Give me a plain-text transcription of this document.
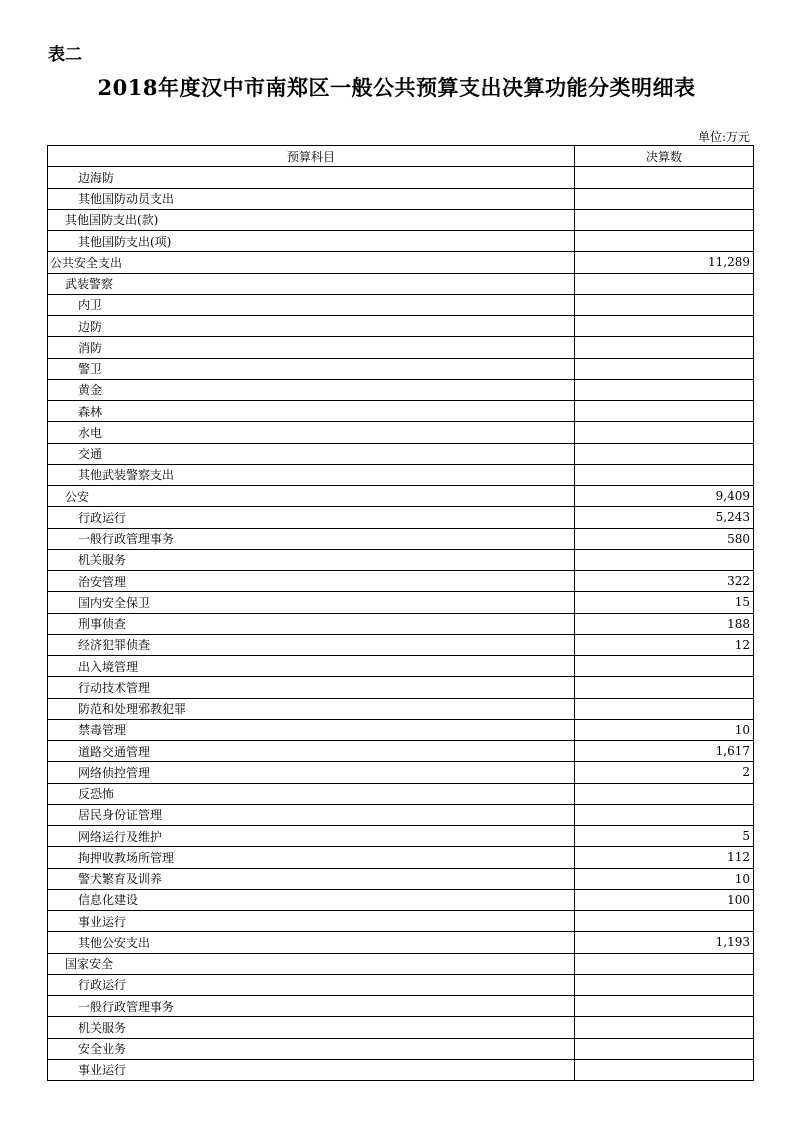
表二
2018年度汉中市南郑区一般公共预算支出决算功能分类明细表
单位:万元
预算科目	决算数
边海防	
其他国防动员支出	
其他国防支出(款)	
其他国防支出(项)	
公共安全支出	11,289
武装警察	
内卫	
边防	
消防	
警卫	
黄金	
森林	
水电	
交通	
其他武装警察支出	
公安	9,409
行政运行	5,243
一般行政管理事务	580
机关服务	
治安管理	322
国内安全保卫	15
刑事侦查	188
经济犯罪侦查	12
出入境管理	
行动技术管理	
防范和处理邪教犯罪	
禁毒管理	10
道路交通管理	1,617
网络侦控管理	2
反恐怖	
居民身份证管理	
网络运行及维护	5
拘押收教场所管理	112
警犬繁育及训养	10
信息化建设	100
事业运行	
其他公安支出	1,193
国家安全	
行政运行	
一般行政管理事务	
机关服务	
安全业务	
事业运行	
